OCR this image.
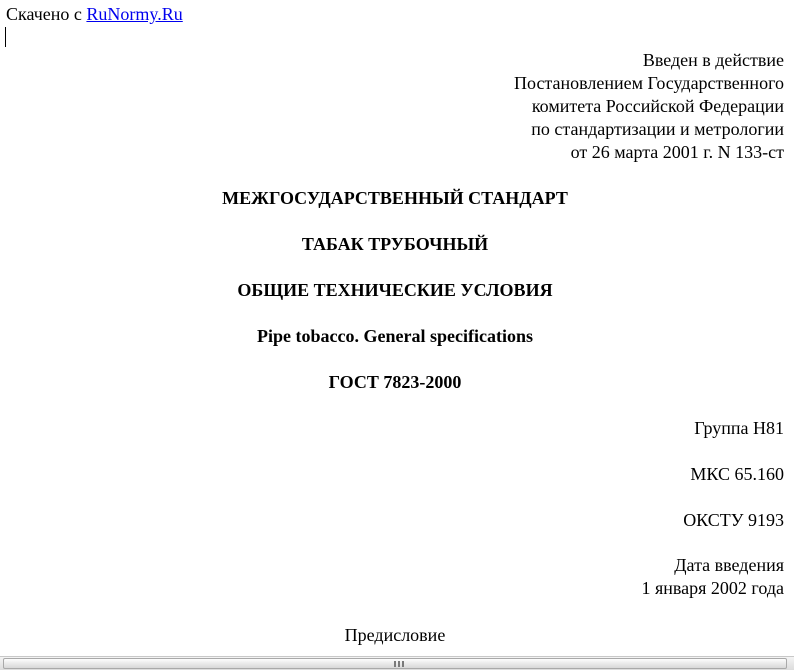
Скачено с RuNormy.Ru
Введен в действие
Постановлением Государственного
комитета Российской Федерации
по стандартизации и метрологии
от 26 марта 2001 г. N 133-ст
МЕЖГОСУДАРСТВЕННЫЙ СТАНДАРТ
ТАБАК ТРУБОЧНЫЙ
ОБЩИЕ ТЕХНИЧЕСКИЕ УСЛОВИЯ
Pipe tobacco. General specifications
ГОСТ 7823-2000
Группа Н81
МКС 65.160
ОКСТУ 9193
Дата введения
1 января 2002 года
Предисловие
